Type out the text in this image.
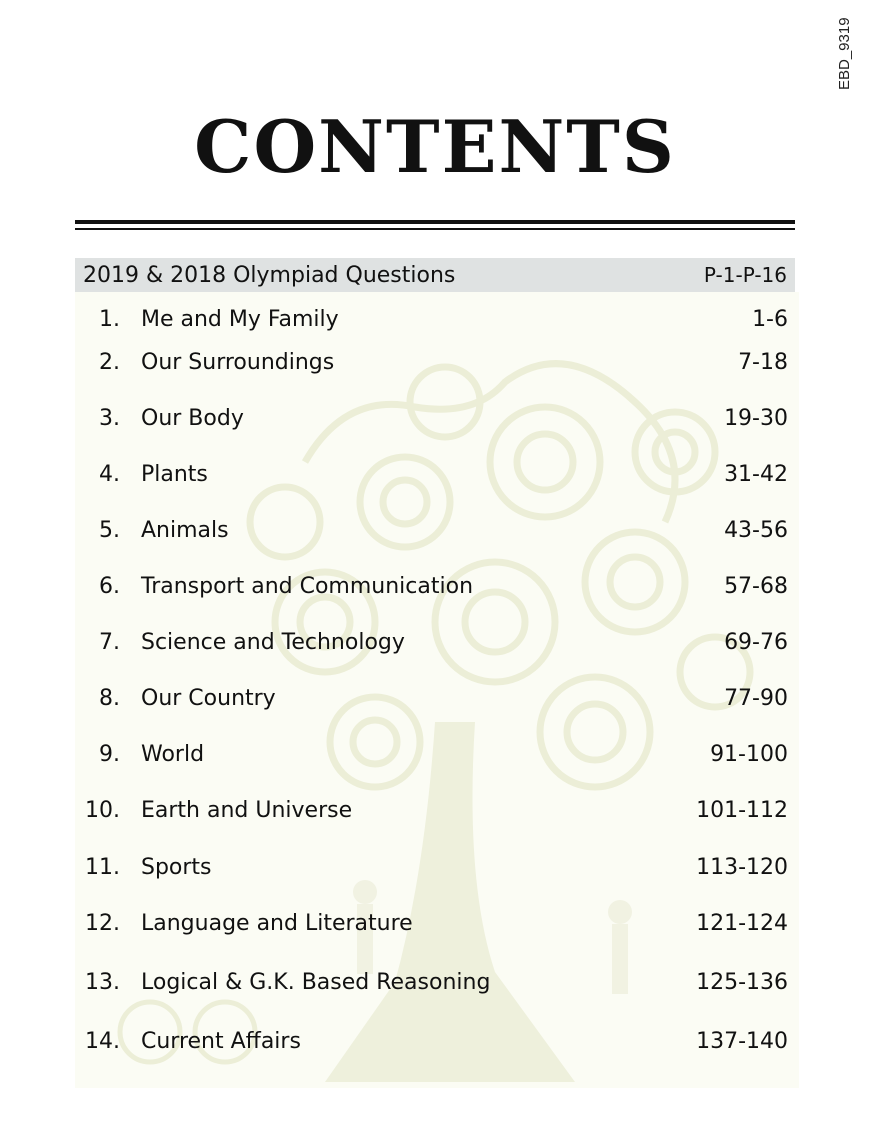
EBD_9319
CONTENTS
2019 & 2018 Olympiad Questions	P-1-P-16
1. Me and My Family	1-6
2. Our Surroundings	7-18
3. Our Body	19-30
4. Plants	31-42
5. Animals	43-56
6. Transport and Communication	57-68
7. Science and Technology	69-76
8. Our Country	77-90
9. World	91-100
10. Earth and Universe	101-112
11. Sports	113-120
12. Language and Literature	121-124
13. Logical & G.K. Based Reasoning	125-136
14. Current Affairs	137-140
